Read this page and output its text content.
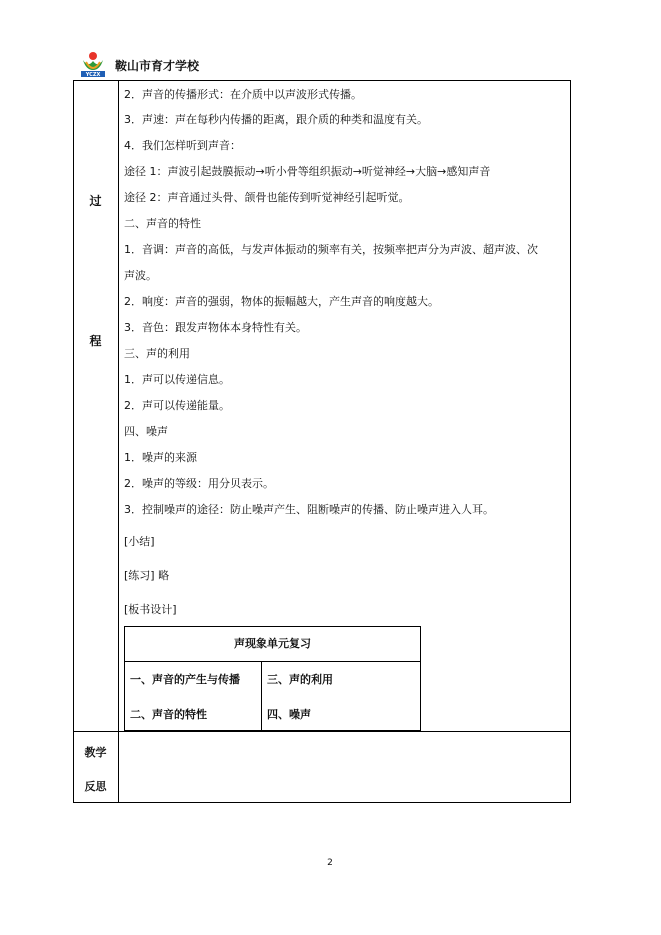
YCZX
鞍山市育才学校
过
程
教学
反思
2．声音的传播形式：在介质中以声波形式传播。
3．声速：声在每秒内传播的距离，跟介质的种类和温度有关。
4．我们怎样听到声音：
途径 1：声波引起鼓膜振动→听小骨等组织振动→听觉神经→大脑→感知声音
途径 2：声音通过头骨、颌骨也能传到听觉神经引起听觉。
二、声音的特性
1．音调：声音的高低，与发声体振动的频率有关，按频率把声分为声波、超声波、次
声波。
2．响度：声音的强弱，物体的振幅越大，产生声音的响度越大。
3．音色：跟发声物体本身特性有关。
三、声的利用
1．声可以传递信息。
2．声可以传递能量。
四、噪声
1．噪声的来源
2．噪声的等级：用分贝表示。
3．控制噪声的途径：防止噪声产生、阻断噪声的传播、防止噪声进入人耳。
[小结]
[练习] 略
[板书设计]
声现象单元复习
一、声音的产生与传播 三、声的利用
二、声音的特性	四、噪声
2
